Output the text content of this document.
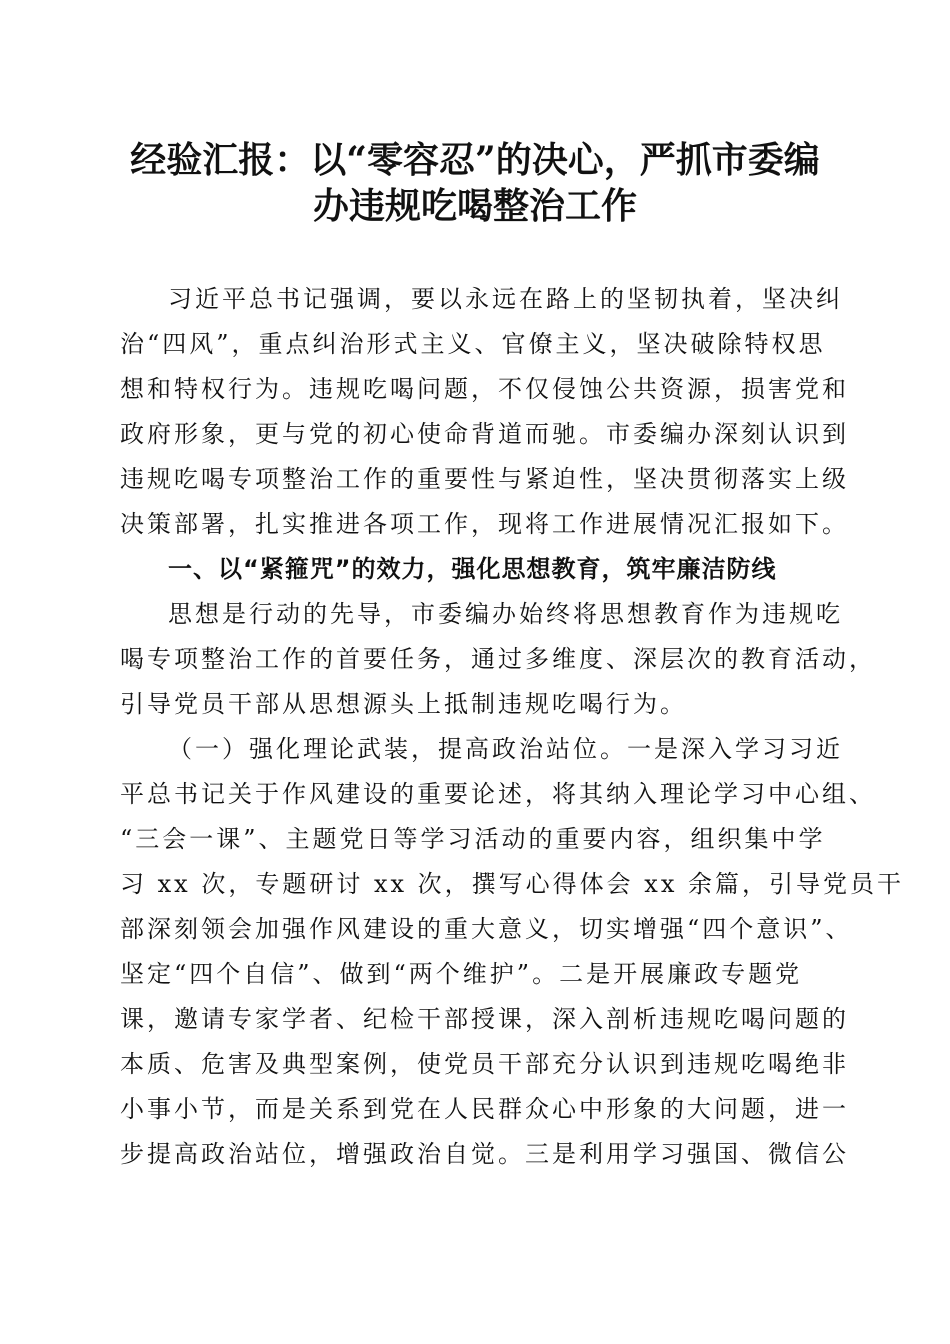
经验汇报：以“零容忍”的决心，严抓市委编
办违规吃喝整治工作
习近平总书记强调，要以永远在路上的坚韧执着，坚决纠
治“四风”，重点纠治形式主义、官僚主义，坚决破除特权思
想和特权行为。违规吃喝问题，不仅侵蚀公共资源，损害党和
政府形象，更与党的初心使命背道而驰。市委编办深刻认识到
违规吃喝专项整治工作的重要性与紧迫性，坚决贯彻落实上级
决策部署，扎实推进各项工作，现将工作进展情况汇报如下。
一、以“紧箍咒”的效力，强化思想教育，筑牢廉洁防线
思想是行动的先导，市委编办始终将思想教育作为违规吃
喝专项整治工作的首要任务，通过多维度、深层次的教育活动，
引导党员干部从思想源头上抵制违规吃喝行为。
（一）强化理论武装，提高政治站位。一是深入学习习近
平总书记关于作风建设的重要论述，将其纳入理论学习中心组、
“三会一课”、主题党日等学习活动的重要内容，组织集中学
习 xx 次，专题研讨 xx 次，撰写心得体会 xx 余篇，引导党员干
部深刻领会加强作风建设的重大意义，切实增强“四个意识”、
坚定“四个自信”、做到“两个维护”。二是开展廉政专题党
课，邀请专家学者、纪检干部授课，深入剖析违规吃喝问题的
本质、危害及典型案例，使党员干部充分认识到违规吃喝绝非
小事小节，而是关系到党在人民群众心中形象的大问题，进一
步提高政治站位，增强政治自觉。三是利用学习强国、微信公
